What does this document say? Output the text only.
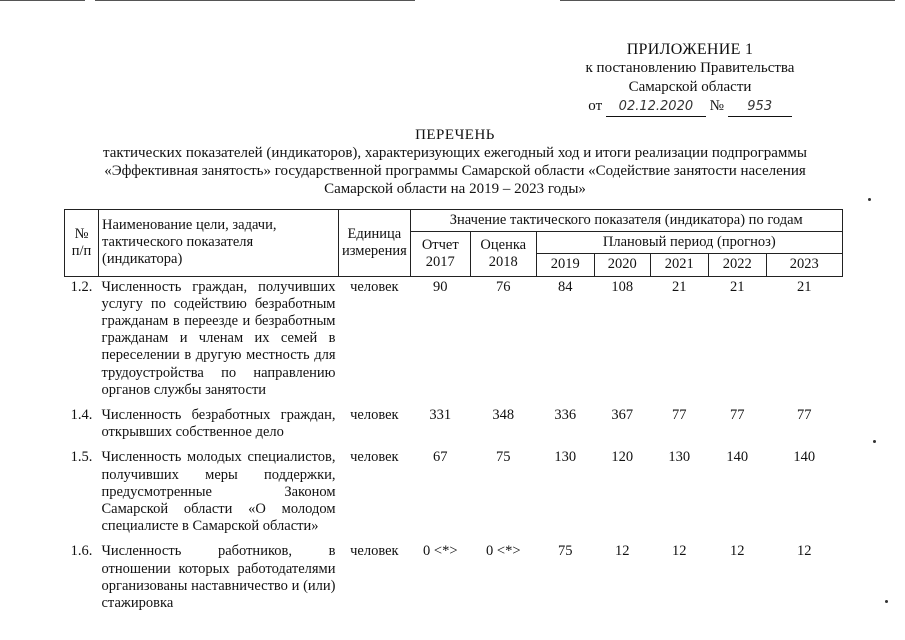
ПРИЛОЖЕНИЕ 1
к постановлению Правительства
Самарской области
от 02.12.2020 № 953
ПЕРЕЧЕНЬ
тактических показателей (индикаторов), характеризующих ежегодный ход и итоги реализации подпрограммы
«Эффективная занятость» государственной программы Самарской области «Содействие занятости населения
Самарской области на 2019 – 2023 годы»
№ п/п	Наименование цели, задачи, тактического показателя (индикатора)	Единица измерения	Значение тактического показателя (индикатора) по годам						
			Отчет 2017	Оценка 2018	Плановый период (прогноз)				
					2019	2020	2021	2022	2023
1.2.	Численность граждан, получивших услугу по содействию безработным гражданам в переезде и безработным гражданам и членам их семей в переселении в другую местность для трудоустройства по направлению органов службы занятости	человек	90	76	84	108	21	21	21
1.4.	Численность безработных граждан, открывших собственное дело	человек	331	348	336	367	77	77	77
1.5.	Численность молодых специалистов, получивших меры поддержки, предусмотренные Законом Самарской области «О молодом специалисте в Самарской области»	человек	67	75	130	120	130	140	140
1.6.	Численность работников, в отношении которых работодателями организованы наставничество и (или) стажировка	человек	0 <*>	0 <*>	75	12	12	12	12
